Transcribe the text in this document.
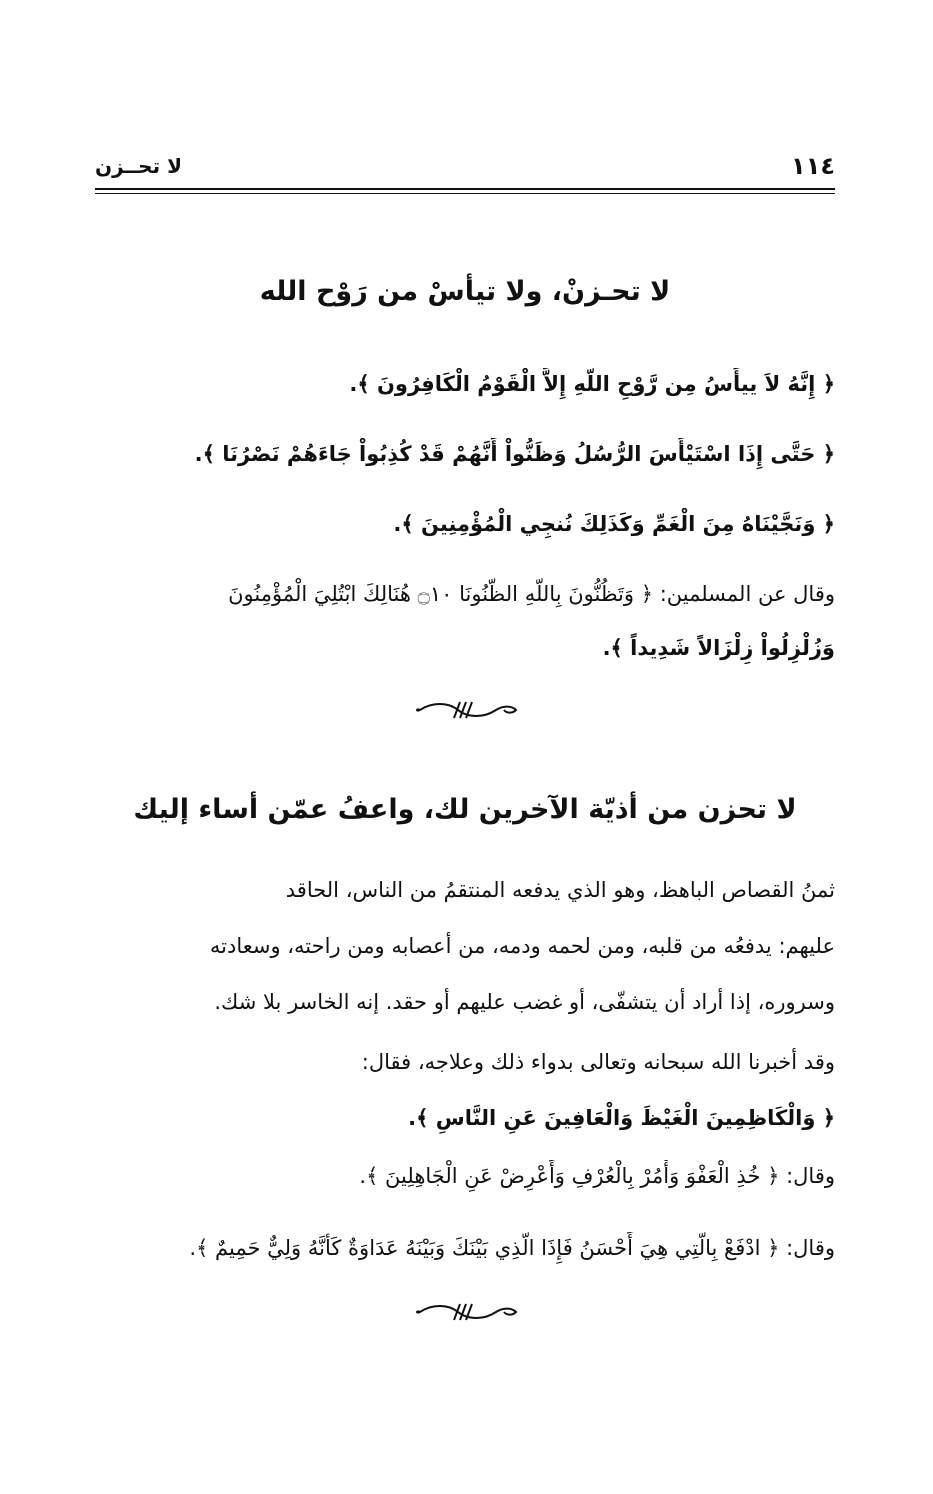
١١٤
لا تحــزن

لا تحـزنْ، ولا تيأسْ من رَوْح الله

﴿ إِنَّهُ لاَ ييأَسُ مِن رَّوْحِ اللَّهِ إِلاَّ الْقَوْمُ الْكَافِرُونَ ﴾.

﴿ حَتَّى إِذَا اسْتَيْأَسَ الرُّسُلُ وَظَنُّواْ أَنَّهُمْ قَدْ كُذِبُواْ جَاءَهُمْ نَصْرُنَا ﴾.

﴿ وَنَجَّيْنَاهُ مِنَ الْغَمِّ وَكَذَلِكَ نُنجِي الْمُؤْمِنِينَ ﴾.

وقال عن المسلمين: ﴿ وَتَظُنُّونَ بِاللَّهِ الظُّنُونَا ۝١٠ هُنَالِكَ ابْتُلِيَ الْمُؤْمِنُونَ

وَزُلْزِلُواْ زِلْزَالاً شَدِيداً ﴾.

لا تحزن من أذيّة الآخرين لك، واعفُ عمّن أساء إليك

ثمنُ القصاص الباهظ، وهو الذي يدفعه المنتقمُ من الناس، الحاقد

عليهم: يدفعُه من قلبه، ومن لحمه ودمه، من أعصابه ومن راحته، وسعادته

وسروره، إذا أراد أن يتشفّى، أو غضب عليهم أو حقد. إنه الخاسر بلا شك.

وقد أخبرنا الله سبحانه وتعالى بدواء ذلك وعلاجه، فقال:

﴿ وَالْكَاظِمِينَ الْغَيْظَ وَالْعَافِينَ عَنِ النَّاسِ ﴾.

وقال: ﴿ خُذِ الْعَفْوَ وَأْمُرْ بِالْعُرْفِ وَأَعْرِضْ عَنِ الْجَاهِلِينَ ﴾.

وقال: ﴿ ادْفَعْ بِالَّتِي هِيَ أَحْسَنُ فَإِذَا الَّذِي بَيْنَكَ وَبَيْنَهُ عَدَاوَةٌ كَأَنَّهُ وَلِيٌّ حَمِيمٌ ﴾.
